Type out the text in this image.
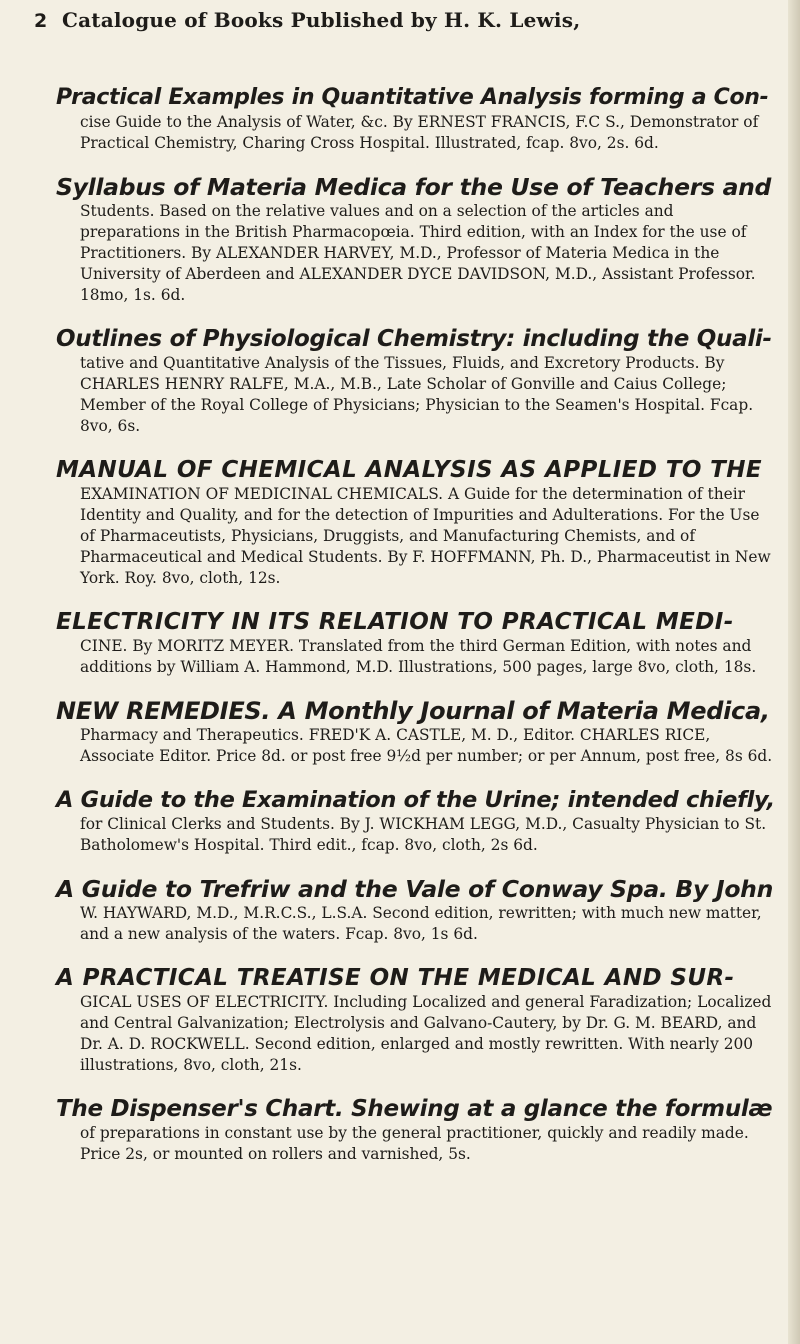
2 Catalogue of Books Published by H. K. Lewis,
Practical Examples in Quantitative Analysis forming a Con-
cise Guide to the Analysis of Water, &c. By ERNEST FRANCIS, F.C S., Demonstrator of Practical Chemistry, Charing Cross Hospital. Illustrated, fcap. 8vo, 2s. 6d.
Syllabus of Materia Medica for the Use of Teachers and
Students. Based on the relative values and on a selection of the articles and preparations in the British Pharmacopœia. Third edition, with an Index for the use of Practitioners. By ALEXANDER HARVEY, M.D., Professor of Materia Medica in the University of Aberdeen and ALEXANDER DYCE DAVIDSON, M.D., Assistant Professor. 18mo, 1s. 6d.
Outlines of Physiological Chemistry: including the Quali-
tative and Quantitative Analysis of the Tissues, Fluids, and Excretory Products. By CHARLES HENRY RALFE, M.A., M.B., Late Scholar of Gonville and Caius College; Member of the Royal College of Physicians; Physician to the Seamen's Hospital. Fcap. 8vo, 6s.
MANUAL OF CHEMICAL ANALYSIS AS APPLIED TO THE
EXAMINATION OF MEDICINAL CHEMICALS. A Guide for the determination of their Identity and Quality, and for the detection of Impurities and Adulterations. For the Use of Pharmaceutists, Physicians, Druggists, and Manufacturing Chemists, and of Pharmaceutical and Medical Students. By F. HOFFMANN, Ph. D., Pharmaceutist in New York. Roy. 8vo, cloth, 12s.
ELECTRICITY IN ITS RELATION TO PRACTICAL MEDI-
CINE. By MORITZ MEYER. Translated from the third German Edition, with notes and additions by William A. Hammond, M.D. Illustrations, 500 pages, large 8vo, cloth, 18s.
NEW REMEDIES. A Monthly Journal of Materia Medica,
Pharmacy and Therapeutics. FRED'K A. CASTLE, M. D., Editor. CHARLES RICE, Associate Editor. Price 8d. or post free 9½d per number; or per Annum, post free, 8s 6d.
A Guide to the Examination of the Urine; intended chiefly,
for Clinical Clerks and Students. By J. WICKHAM LEGG, M.D., Casualty Physician to St. Batholomew's Hospital. Third edit., fcap. 8vo, cloth, 2s 6d.
A Guide to Trefriw and the Vale of Conway Spa. By John
W. HAYWARD, M.D., M.R.C.S., L.S.A. Second edition, rewritten; with much new matter, and a new analysis of the waters. Fcap. 8vo, 1s 6d.
A PRACTICAL TREATISE ON THE MEDICAL AND SUR-
GICAL USES OF ELECTRICITY. Including Localized and general Faradization; Localized and Central Galvanization; Electrolysis and Galvano-Cautery, by Dr. G. M. BEARD, and Dr. A. D. ROCKWELL. Second edition, enlarged and mostly rewritten. With nearly 200 illustrations, 8vo, cloth, 21s.
The Dispenser's Chart. Shewing at a glance the formulæ
of preparations in constant use by the general practitioner, quickly and readily made. Price 2s, or mounted on rollers and varnished, 5s.
